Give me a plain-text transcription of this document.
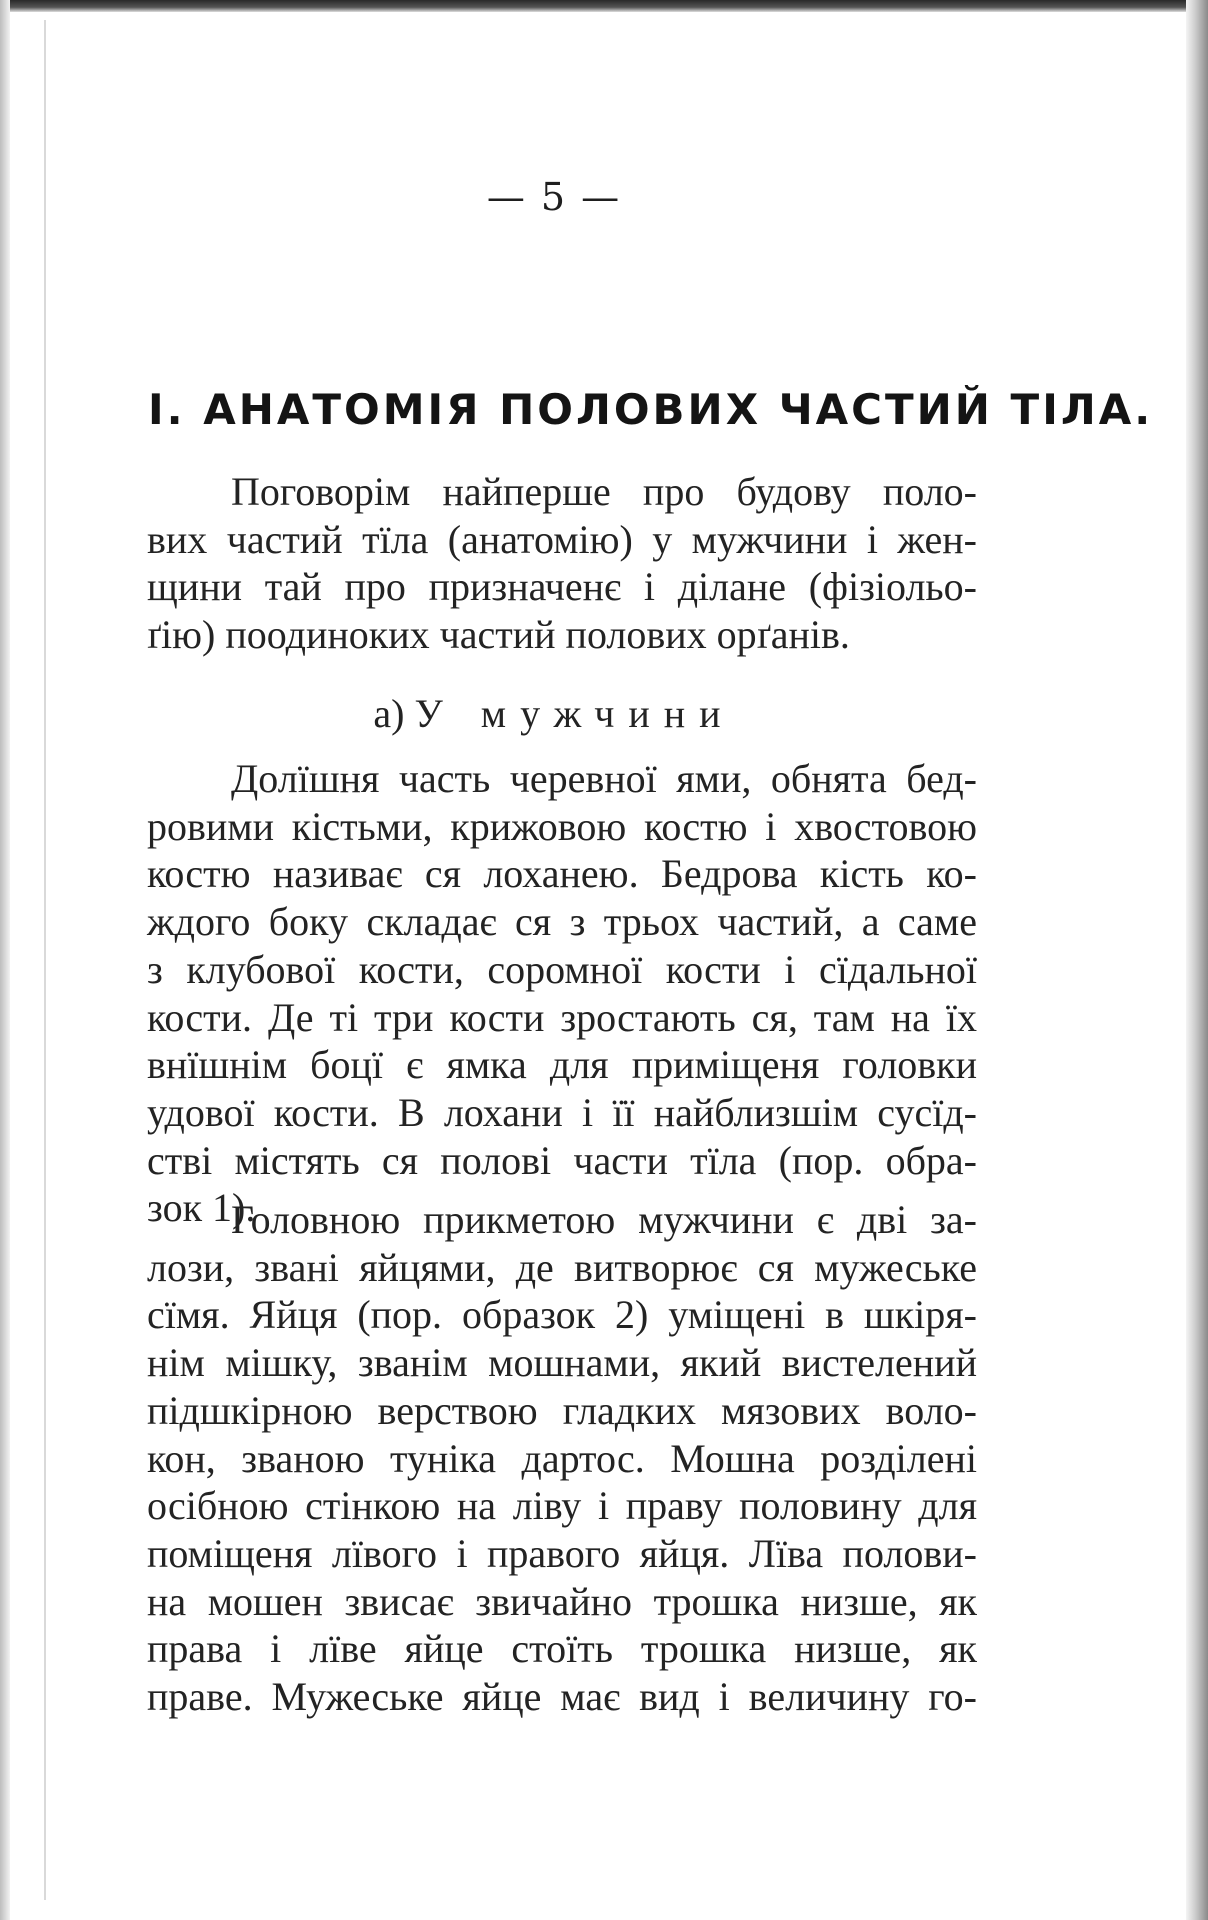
— 5 —
І. АНАТОМІЯ ПОЛОВИХ ЧАСТИЙ ТІЛА.
Поговорім найперше про будову поло-
вих частий тїла (анатомію) у мужчини і жен-
щини тай про призначенє і ділане (фізіольо-
ґію) поодиноких частий полових орґанів.
а) У мужчини
Долїшня часть черевної ями, обнята бед-
ровими кістьми, крижовою костю і хвостовою
костю називає ся лоханею. Бедрова кість ко-
ждого боку складає ся з трьох частий, а саме
з клубової кости, соромної кости і сїдальної
кости. Де ті три кости зростають ся, там на їх
внїшнім боцї є ямка для приміщеня головки
удової кости. В лохани і її найблизшім сусїд-
стві містять ся полові части тїла (пор. обра-
зок 1).
Головною прикметою мужчини є дві за-
лози, звані яйцями, де витворює ся мужеське
сїмя. Яйця (пор. образок 2) уміщені в шкіря-
нім мішку, званім мошнами, який вистелений
підшкірною верствою гладких мязових воло-
кон, званою туніка дартос. Мошна розділені
осібною стінкою на ліву і праву половину для
поміщеня лївого і правого яйця. Лїва полови-
на мошен звисає звичайно трошка низше, як
права і лїве яйце стоїть трошка низше, як
праве. Мужеське яйце має вид і величину го-
